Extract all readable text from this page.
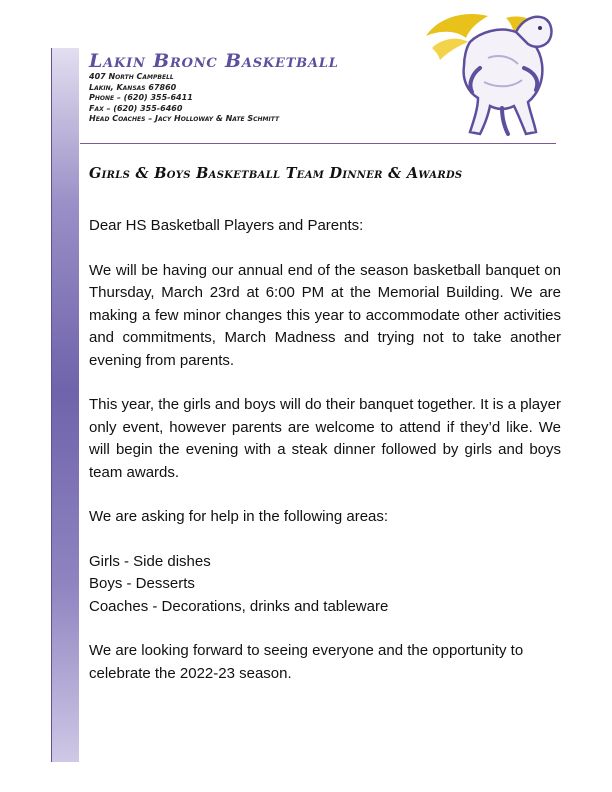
Lakin Bronc Basketball
407 North Campbell
Lakin, Kansas 67860
Phone – (620) 355-6411
Fax – (620) 355-6460
Head Coaches – Jacy Holloway & Nate Schmitt
Girls & Boys Basketball Team Dinner & Awards

Dear HS Basketball Players and Parents:

We will be having our annual end of the season basketball banquet on Thursday, March 23rd at 6:00 PM at the Memorial Building. We are making a few minor changes this year to accommodate other activities and commitments, March Madness and trying not to take another evening from parents.

This year, the girls and boys will do their banquet together. It is a player only event, however parents are welcome to attend if they’d like. We will begin the evening with a steak dinner followed by girls and boys team awards.

We are asking for help in the following areas:

Girls - Side dishes

Boys - Desserts

Coaches - Decorations, drinks and tableware

We are looking forward to seeing everyone and the opportunity to celebrate the 2022-23 season.
